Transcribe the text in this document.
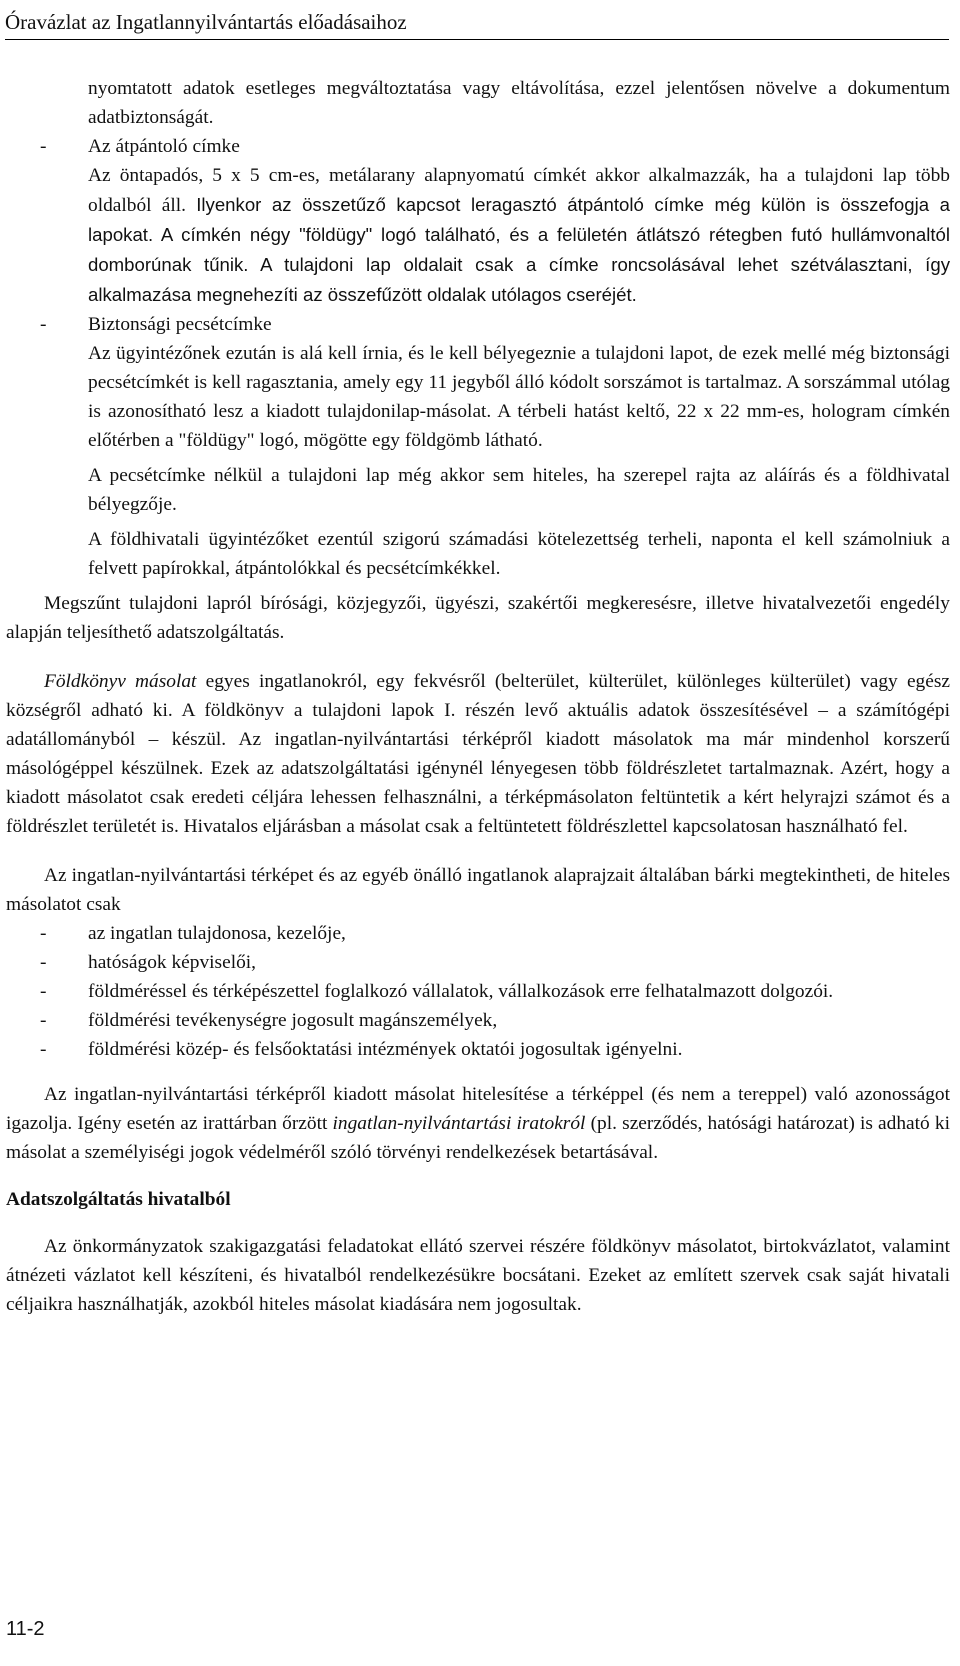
Óravázlat az Ingatlannyilvántartás előadásaihoz

nyomtatott adatok esetleges megváltoztatása vagy eltávolítása, ezzel jelentősen növelve a dokumentum adatbiztonságát.

-	Az átpántoló címke

Az öntapadós, 5 x 5 cm-es, metálarany alapnyomatú címkét akkor alkalmazzák, ha a tulajdoni lap több oldalból áll. Ilyenkor az összetűző kapcsot leragasztó átpántoló címke még külön is összefogja a lapokat. A címkén négy "földügy" logó található, és a felületén átlátszó rétegben futó hullámvonaltól domborúnak tűnik. A tulajdoni lap oldalait csak a címke roncsolásával lehet szétválasztani, így alkalmazása megnehezíti az összefűzött oldalak utólagos cseréjét.

-	Biztonsági pecsétcímke

Az ügyintézőnek ezután is alá kell írnia, és le kell bélyegeznie a tulajdoni lapot, de ezek mellé még biztonsági pecsétcímkét is kell ragasztania, amely egy 11 jegyből álló kódolt sorszámot is tartalmaz. A sorszámmal utólag is azonosítható lesz a kiadott tulajdonilap-másolat. A térbeli hatást keltő, 22 x 22 mm-es, hologram címkén előtérben a "földügy" logó, mögötte egy földgömb látható.

A pecsétcímke nélkül a tulajdoni lap még akkor sem hiteles, ha szerepel rajta az aláírás és a földhivatal bélyegzője.

A földhivatali ügyintézőket ezentúl szigorú számadási kötelezettség terheli, naponta el kell számolniuk a felvett papírokkal, átpántolókkal és pecsétcímkékkel.

Megszűnt tulajdoni lapról bírósági, közjegyzői, ügyészi, szakértői megkeresésre, illetve hivatalvezetői engedély alapján teljesíthető adatszolgáltatás.

Földkönyv másolat egyes ingatlanokról, egy fekvésről (belterület, külterület, különleges külterület) vagy egész községről adható ki. A földkönyv a tulajdoni lapok I. részén levő aktuális adatok összesítésével – a számítógépi adatállományból – készül. Az ingatlan-nyilvántartási térképről kiadott másolatok ma már mindenhol korszerű másológéppel készülnek. Ezek az adatszolgáltatási igénynél lényegesen több földrészletet tartalmaznak. Azért, hogy a kiadott másolatot csak eredeti céljára lehessen felhasználni, a térképmásolaton feltüntetik a kért helyrajzi számot és a földrészlet területét is. Hivatalos eljárásban a másolat csak a feltüntetett földrészlettel kapcsolatosan használható fel.

Az ingatlan-nyilvántartási térképet és az egyéb önálló ingatlanok alaprajzait általában bárki megtekintheti, de hiteles másolatot csak

-	az ingatlan tulajdonosa, kezelője,
-	hatóságok képviselői,
-	földméréssel és térképészettel foglalkozó vállalatok, vállalkozások erre felhatalmazott dolgozói.
-	földmérési tevékenységre jogosult magánszemélyek,
-	földmérési közép- és felsőoktatási intézmények oktatói jogosultak igényelni.

Az ingatlan-nyilvántartási térképről kiadott másolat hitelesítése a térképpel (és nem a tereppel) való azonosságot igazolja. Igény esetén az irattárban őrzött ingatlan-nyilvántartási iratokról (pl. szerződés, hatósági határozat) is adható ki másolat a személyiségi jogok védelméről szóló törvényi rendelkezések betartásával.

Adatszolgáltatás hivatalból

Az önkormányzatok szakigazgatási feladatokat ellátó szervei részére földkönyv másolatot, birtokvázlatot, valamint átnézeti vázlatot kell készíteni, és hivatalból rendelkezésükre bocsátani. Ezeket az említett szervek csak saját hivatali céljaikra használhatják, azokból hiteles másolat kiadására nem jogosultak.

11-2
